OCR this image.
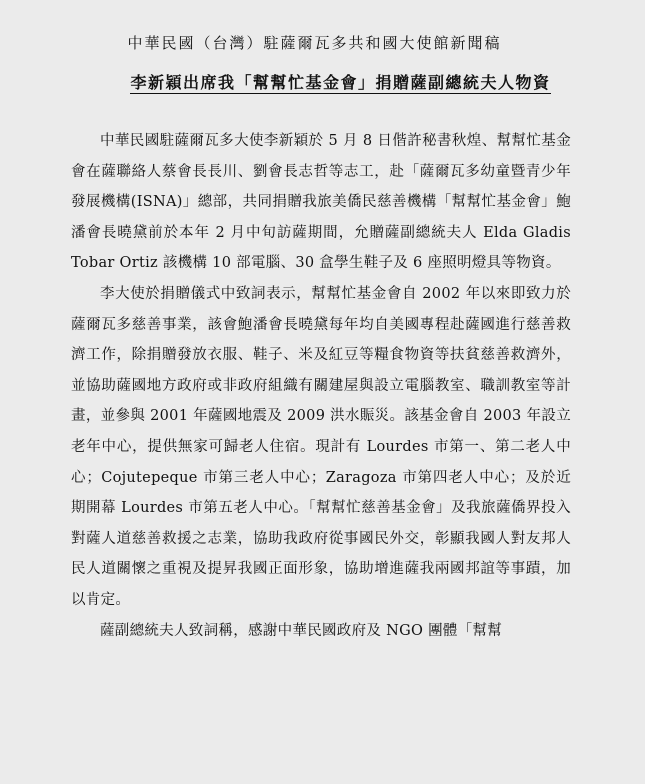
中華民國（台灣）駐薩爾瓦多共和國大使館新聞稿
李新穎出席我「幫幫忙基金會」捐贈薩副總統夫人物資

中華民國駐薩爾瓦多大使李新穎於 5 月 8 日偕許秘書秋煌、幫幫忙基金會在薩聯絡人蔡會長長川、劉會長志哲等志工，赴「薩爾瓦多幼童暨青少年發展機構(ISNA)」總部，共同捐贈我旅美僑民慈善機構「幫幫忙基金會」鮑潘會長曉黛前於本年 2 月中旬訪薩期間，允贈薩副總統夫人 Elda Gladis Tobar Ortiz 該機構 10 部電腦、30 盒學生鞋子及 6 座照明燈具等物資。

李大使於捐贈儀式中致詞表示，幫幫忙基金會自 2002 年以來即致力於薩爾瓦多慈善事業，該會鮑潘會長曉黛每年均自美國專程赴薩國進行慈善救濟工作，除捐贈發放衣服、鞋子、米及紅豆等糧食物資等扶貧慈善救濟外，並協助薩國地方政府或非政府組織有關建屋與設立電腦教室、職訓教室等計畫，並參與 2001 年薩國地震及 2009 洪水賑災。該基金會自 2003 年設立老年中心，提供無家可歸老人住宿。現計有 Lourdes 市第一、第二老人中心；Cojutepeque 市第三老人中心；Zaragoza 市第四老人中心；及於近期開幕 Lourdes 市第五老人中心。「幫幫忙慈善基金會」及我旅薩僑界投入對薩人道慈善救援之志業，協助我政府從事國民外交，彰顯我國人對友邦人民人道關懷之重視及提昇我國正面形象，協助增進薩我兩國邦誼等事蹟，加以肯定。

薩副總統夫人致詞稱，感謝中華民國政府及 NGO 團體「幫幫
